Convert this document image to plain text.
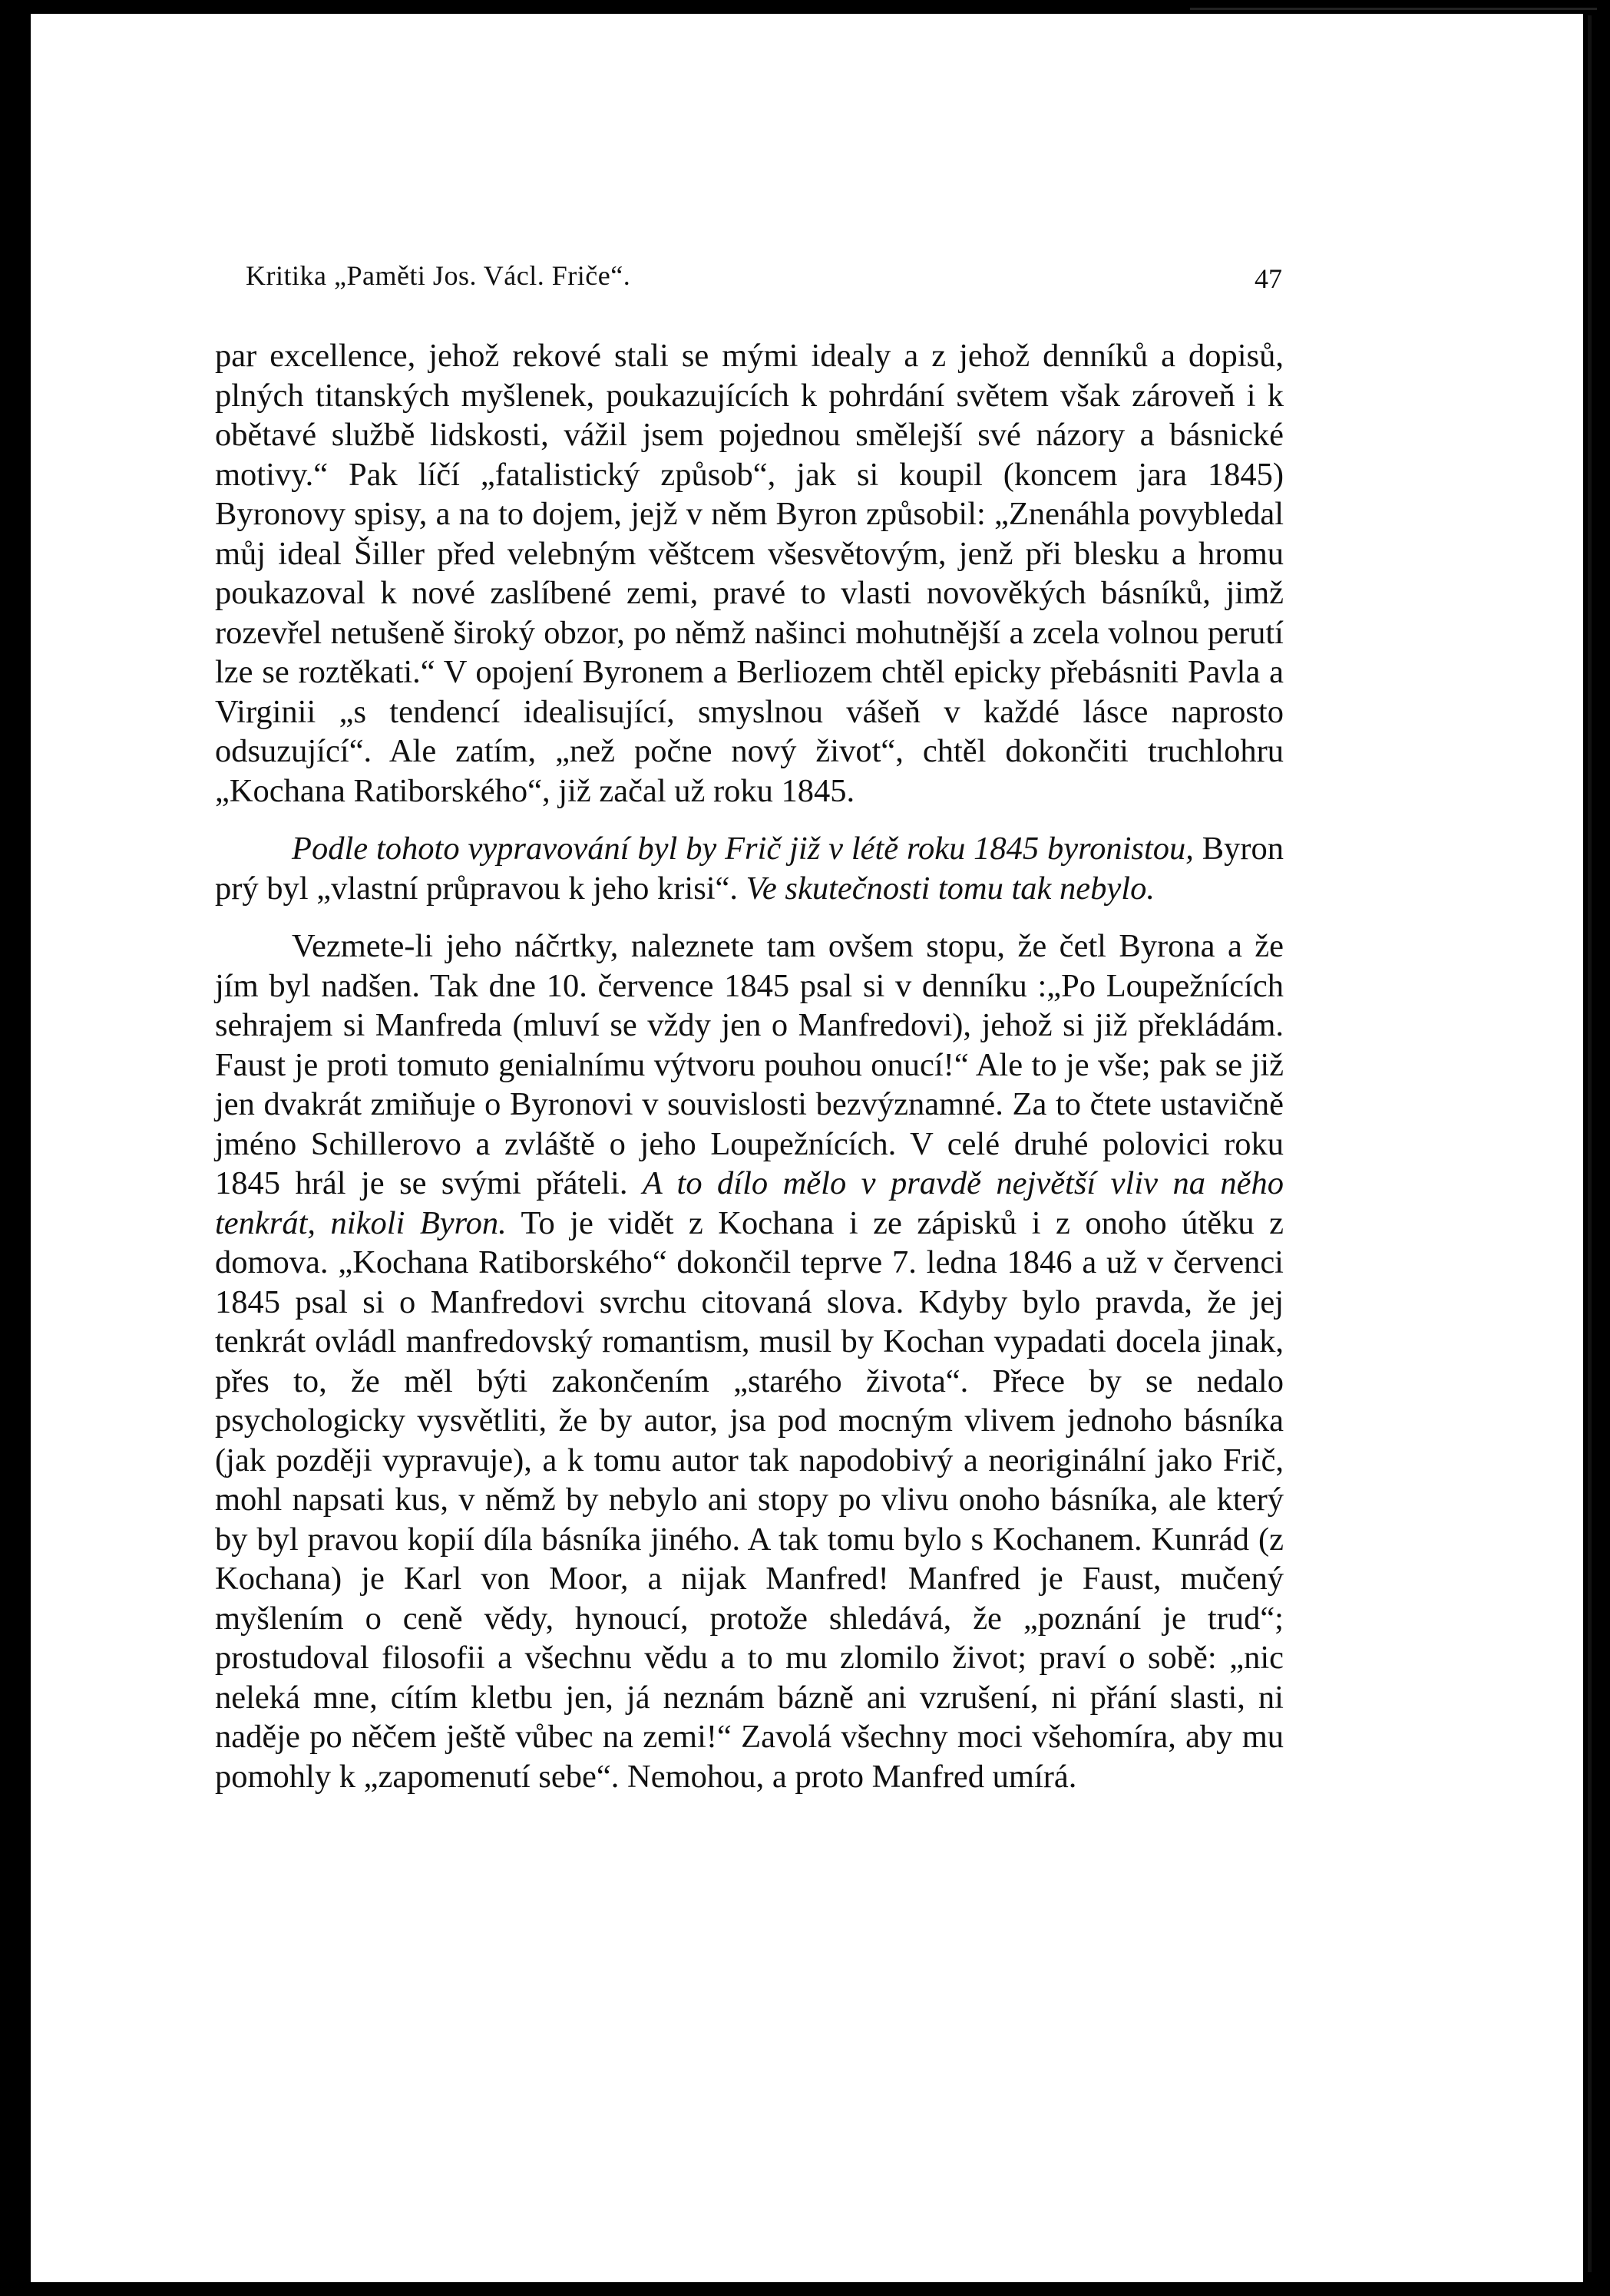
Kritika „Paměti Jos. Václ. Friče“.	47

par excellence, jehož rekové stali se mými idealy a z jehož denníků a dopisů, plných titanských myšlenek, poukazujících k pohrdání světem však zároveň i k obětavé službě lidskosti, vážil jsem pojednou smělejší své názory a básnické motivy.“ Pak líčí „fatalistický způsob“, jak si koupil (koncem jara 1845) Byronovy spisy, a na to dojem, jejž v něm Byron způsobil: „Znenáhla povybledal můj ideal Šiller před velebným věštcem všesvětovým, jenž při blesku a hromu poukazoval k nové zaslíbené zemi, pravé to vlasti novověkých básníků, jimž rozevřel netušeně široký obzor, po němž našinci mohutnější a zcela volnou perutí lze se roztěkati.“ V opojení Byronem a Berliozem chtěl epicky přebásniti Pavla a Virginii „s tendencí idealisující, smyslnou vášeň v každé lásce naprosto odsuzující“. Ale zatím, „než počne nový život“, chtěl dokončiti truchlohru „Kochana Ratiborského“, již začal už roku 1845.

Podle tohoto vypravování byl by Frič již v létě roku 1845 byronistou, Byron prý byl „vlastní průpravou k jeho krisi“. Ve skutečnosti tomu tak nebylo.

Vezmete-li jeho náčrtky, naleznete tam ovšem stopu, že četl Byrona a že jím byl nadšen. Tak dne 10. července 1845 psal si v denníku :„Po Loupežnících sehrajem si Manfreda (mluví se vždy jen o Manfredovi), jehož si již překládám. Faust je proti tomuto genialnímu výtvoru pouhou onucí!“ Ale to je vše; pak se již jen dvakrát zmiňuje o Byronovi v souvislosti bezvýznamné. Za to čtete ustavičně jméno Schillerovo a zvláště o jeho Loupežnících. V celé druhé polovici roku 1845 hrál je se svými přáteli. A to dílo mělo v pravdě největší vliv na něho tenkrát, nikoli Byron. To je vidět z Kochana i ze zápisků i z onoho útěku z domova. „Kochana Ratiborského“ dokončil teprve 7. ledna 1846 a už v červenci 1845 psal si o Manfredovi svrchu citovaná slova. Kdyby bylo pravda, že jej tenkrát ovládl manfredovský romantism, musil by Kochan vypadati docela jinak, přes to, že měl býti zakončením „starého života“. Přece by se nedalo psychologicky vysvětliti, že by autor, jsa pod mocným vlivem jednoho básníka (jak později vypravuje), a k tomu autor tak napodobivý a neoriginální jako Frič, mohl napsati kus, v němž by nebylo ani stopy po vlivu onoho básníka, ale který by byl pravou kopií díla básníka jiného. A tak tomu bylo s Kochanem. Kunrád (z Kochana) je Karl von Moor, a nijak Manfred! Manfred je Faust, mučený myšlením o ceně vědy, hynoucí, protože shledává, že „poznání je trud“; prostudoval filosofii a všechnu vědu a to mu zlomilo život; praví o sobě: „nic neleká mne, cítím kletbu jen, já neznám bázně ani vzrušení, ni přání slasti, ni naděje po něčem ještě vůbec na zemi!“ Zavolá všechny moci všehomíra, aby mu pomohly k „zapomenutí sebe“. Nemohou, a proto Manfred umírá.
